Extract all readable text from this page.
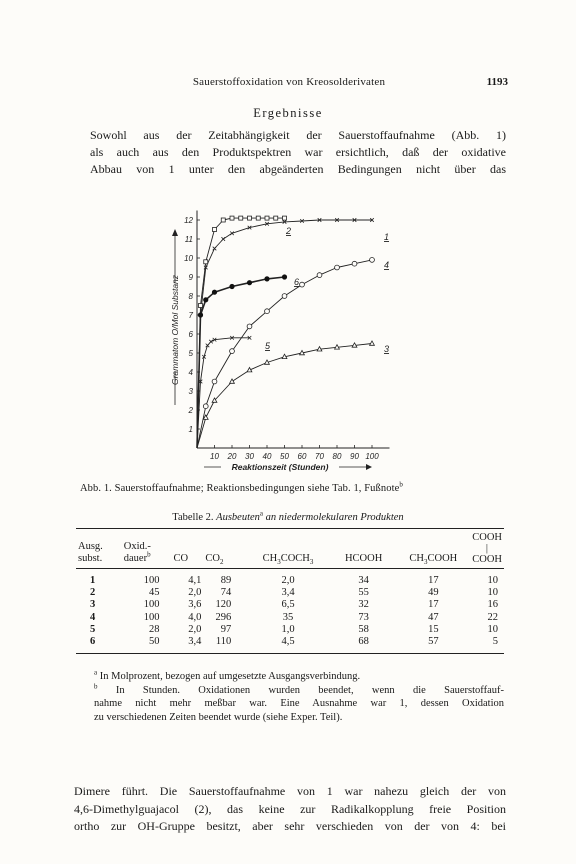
Sauerstoffoxidation von Kreosolderivaten	1193
Ergebnisse
Sowohl aus der Zeitabhängigkeit der Sauerstoffaufnahme (Abb. 1)
als auch aus den Produktspektren war ersichtlich, daß der oxidative
Abbau von 1 unter den abgeänderten Bedingungen nicht über das
10 20 30 40 50 60 70 80 90 100
1
2
3
4
5
6
7
8
9
10
11
12
Reaktionszeit (Stunden)
Grammatom O/Mol Substanz
1
2
3
4
5
6
Abb. 1. Sauerstoffaufnahme; Reaktionsbedingungen siehe Tab. 1, Fußnote$^b$
Tabelle 2. Ausbeuten$^a$ an niedermolekularen Produkten
Ausg.
subst.	Oxid.-
dauer$^b$	CO	$CO_2$	$CH_3COCH_3$	HCOOH	$CH_3COOH$	COOH
|
COOH
1	100	4,1	89	2,0	34	17	10
2	45	2,0	74	3,4	55	49	10
3	100	3,6	120	6,5	32	17	16
4	100	4,0	296	35	73	47	22
5	28	2,0	97	1,0	58	15	10
6	50	3,4	110	4,5	68	57	5
$^a$ In Molprozent, bezogen auf umgesetzte Ausgangsverbindung.
$^b$ In Stunden. Oxidationen wurden beendet, wenn die Sauerstoffauf-
nahme nicht mehr meßbar war. Eine Ausnahme war 1, dessen Oxidation
zu verschiedenen Zeiten beendet wurde (siehe Exper. Teil).
Dimere führt. Die Sauerstoffaufnahme von 1 war nahezu gleich der von
4,6-Dimethylguajacol (2), das keine zur Radikalkopplung freie Position
ortho zur OH-Gruppe besitzt, aber sehr verschieden von der von 4: bei
